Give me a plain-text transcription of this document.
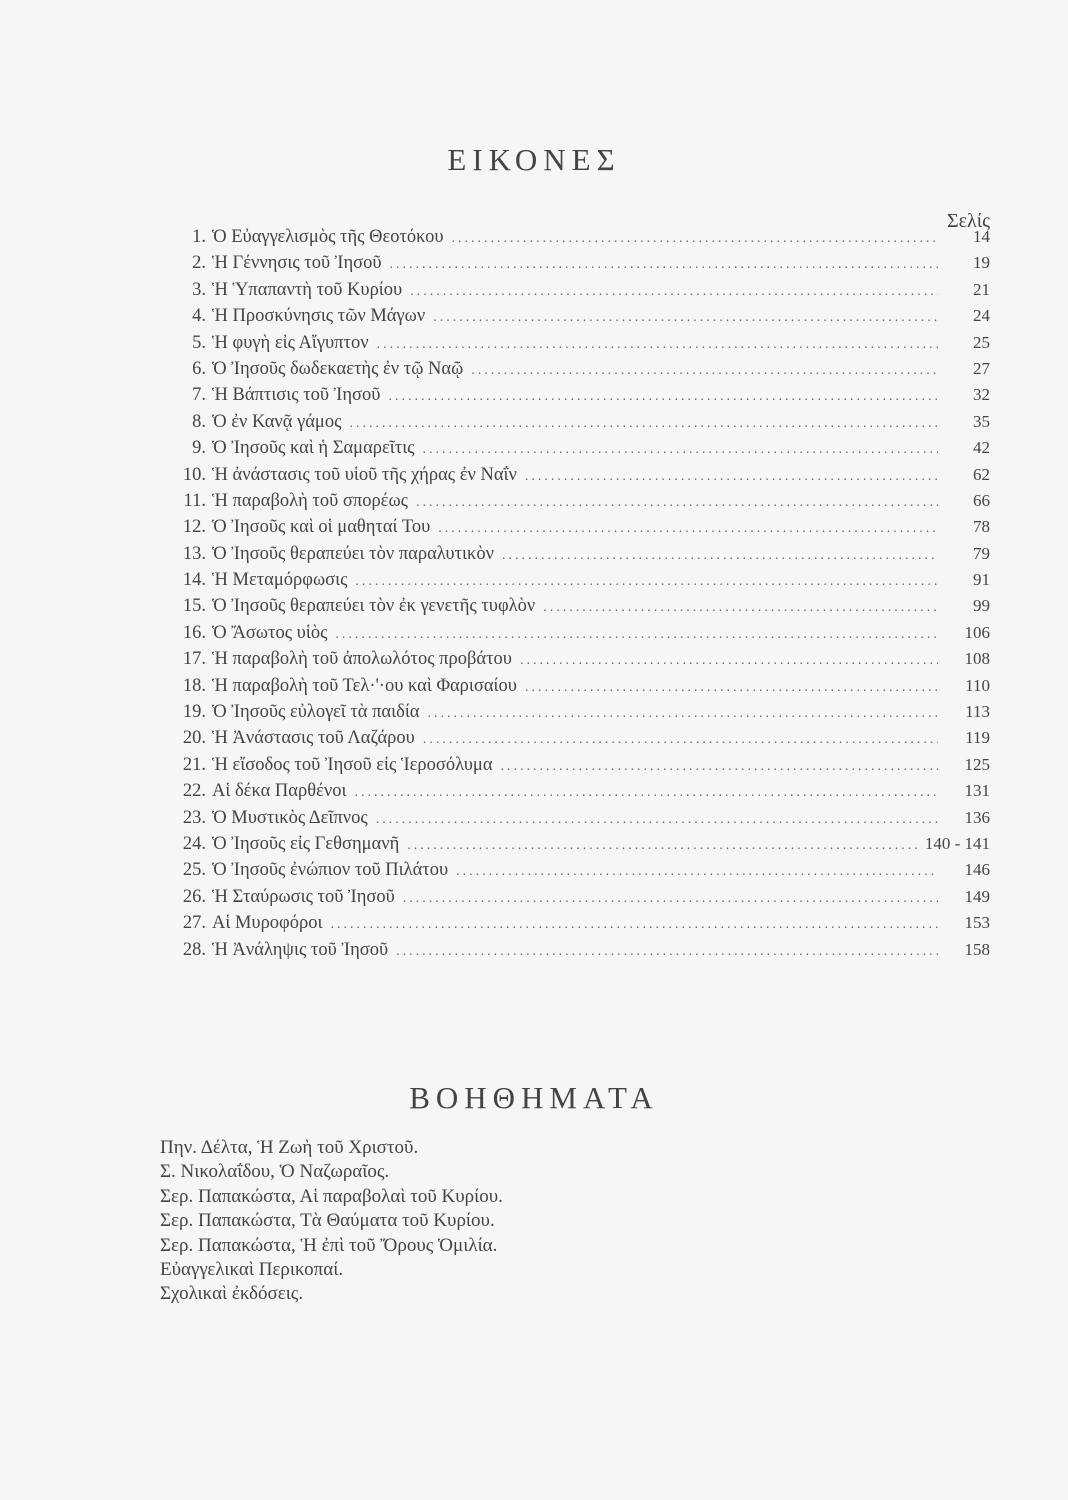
ΕΙΚΟΝΕΣ
Σελίς
1. Ὁ Εὐαγγελισμὸς τῆς Θεοτόκου .....	14
2. Ἡ Γέννησις τοῦ Ἰησοῦ .....	19
3. Ἡ Ὑπαπαντὴ τοῦ Κυρίου .....	21
4. Ἡ Προσκύνησις τῶν Μάγων .....	24
5. Ἡ φυγὴ εἰς Αἴγυπτον .....	25
6. Ὁ Ἰησοῦς δωδεκαετὴς ἐν τῷ Ναῷ .....	27
7. Ἡ Βάπτισις τοῦ Ἰησοῦ .....	32
8. Ὁ ἐν Κανᾷ γάμος .....	35
9. Ὁ Ἰησοῦς καὶ ἡ Σαμαρεῖτις .....	42
10. Ἡ ἀνάστασις τοῦ υἱοῦ τῆς χήρας ἐν Ναΐν .....	62
11. Ἡ παραβολὴ τοῦ σπορέως .....	66
12. Ὁ Ἰησοῦς καὶ οἱ μαθηταί Του .....	78
13. Ὁ Ἰησοῦς θεραπεύει τὸν παραλυτικὸν .....	79
14. Ἡ Μεταμόρφωσις .....	91
15. Ὁ Ἰησοῦς θεραπεύει τὸν ἐκ γενετῆς τυφλὸν .....	99
16. Ὁ Ἄσωτος υἱὸς .....	106
17. Ἡ παραβολὴ τοῦ ἀπολωλότος προβάτου .....	108
18. Ἡ παραβολὴ τοῦ Τελ·'·ου καὶ Φαρισαίου .....	110
19. Ὁ Ἰησοῦς εὐλογεῖ τὰ παιδία .....	113
20. Ἡ Ἀνάστασις τοῦ Λαζάρου .....	119
21. Ἡ εἴσοδος τοῦ Ἰησοῦ εἰς Ἱεροσόλυμα .....	125
22. Αἱ δέκα Παρθένοι .....	131
23. Ὁ Μυστικὸς Δεῖπνος .....	136
24. Ὁ Ἰησοῦς εἰς Γεθσημανῆ .....	140 - 141
25. Ὁ Ἰησοῦς ἐνώπιον τοῦ Πιλάτου .....	146
26. Ἡ Σταύρωσις τοῦ Ἰησοῦ .....	149
27. Αἱ Μυροφόροι .....	153
28. Ἡ Ἀνάληψις τοῦ Ἰησοῦ .....	158
ΒΟΗΘΗΜΑΤΑ
Πην. Δέλτα, Ἡ Ζωὴ τοῦ Χριστοῦ.
Σ. Νικολαΐδου, Ὁ Ναζωραῖος.
Σερ. Παπακώστα, Αἱ παραβολαὶ τοῦ Κυρίου.
Σερ. Παπακώστα, Τὰ Θαύματα τοῦ Κυρίου.
Σερ. Παπακώστα, Ἡ ἐπὶ τοῦ Ὄρους Ὁμιλία.
Εὐαγγελικαὶ Περικοπαί.
Σχολικαὶ ἐκδόσεις.
